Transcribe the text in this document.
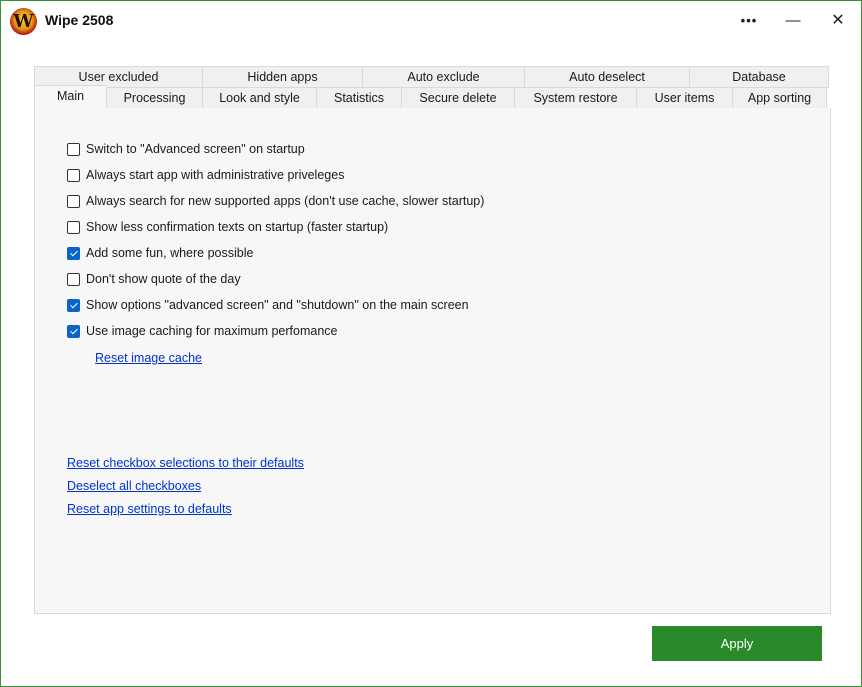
W Wipe 2508	••• — ✕
User excluded	Hidden apps	Auto exclude	Auto deselect	Database
Main	Processing	Look and style	Statistics	Secure delete	System restore	User items	App sorting
Switch to "Advanced screen" on startup
Always start app with administrative priveleges
Always search for new supported apps (don't use cache, slower startup)
Show less confirmation texts on startup (faster startup)
Add some fun, where possible
Don't show quote of the day
Show options "advanced screen" and "shutdown" on the main screen
Use image caching for maximum perfomance
Reset image cache
Reset checkbox selections to their defaults
Deselect all checkboxes
Reset app settings to defaults
Apply
